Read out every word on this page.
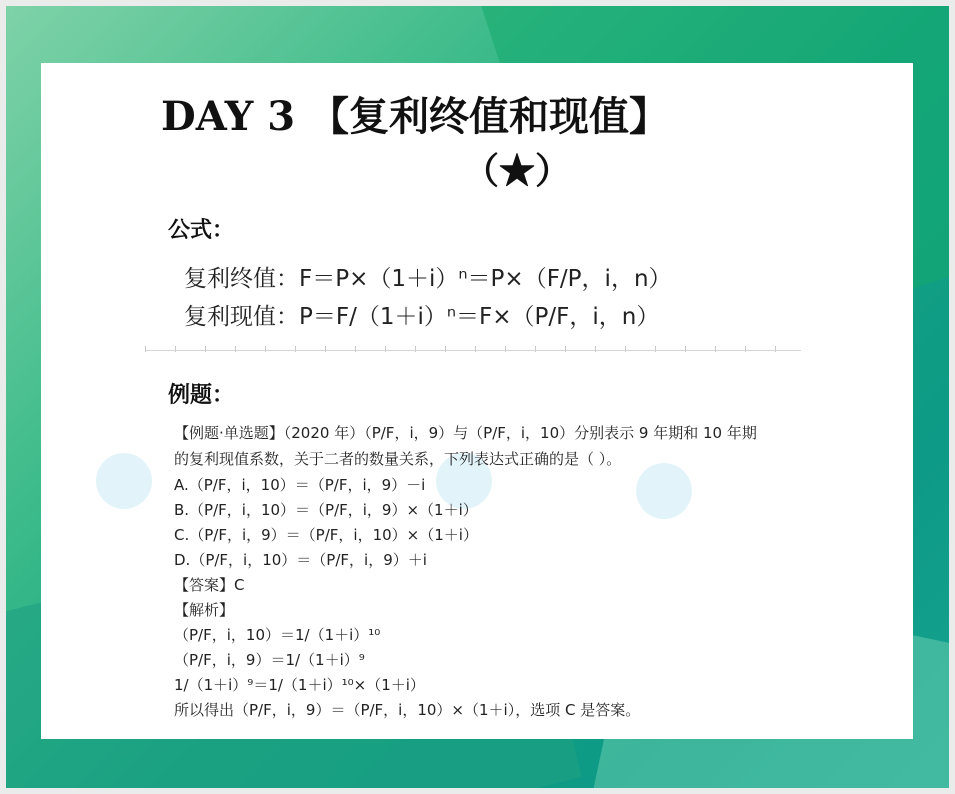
DAY 3 【复利终值和现值】
（★）
公式：
复利终值：F＝P×（1＋i）ⁿ＝P×（F/P，i，n）
复利现值：P＝F/（1＋i）ⁿ＝F×（P/F，i，n）
例题：
【例题·单选题】（2020 年）（P/F，i，9）与（P/F，i，10）分别表示 9 年期和 10 年期
的复利现值系数，关于二者的数量关系，下列表达式正确的是（ ）。
A.（P/F，i，10）＝（P/F，i，9）－i
B.（P/F，i，10）＝（P/F，i，9）×（1＋i）
C.（P/F，i，9）＝（P/F，i，10）×（1＋i）
D.（P/F，i，10）＝（P/F，i，9）＋i
【答案】C
【解析】
（P/F，i，10）＝1/（1＋i）¹⁰
（P/F，i，9）＝1/（1＋i）⁹
1/（1＋i）⁹＝1/（1＋i）¹⁰×（1＋i）
所以得出（P/F，i，9）＝（P/F，i，10）×（1＋i），选项 C 是答案。
